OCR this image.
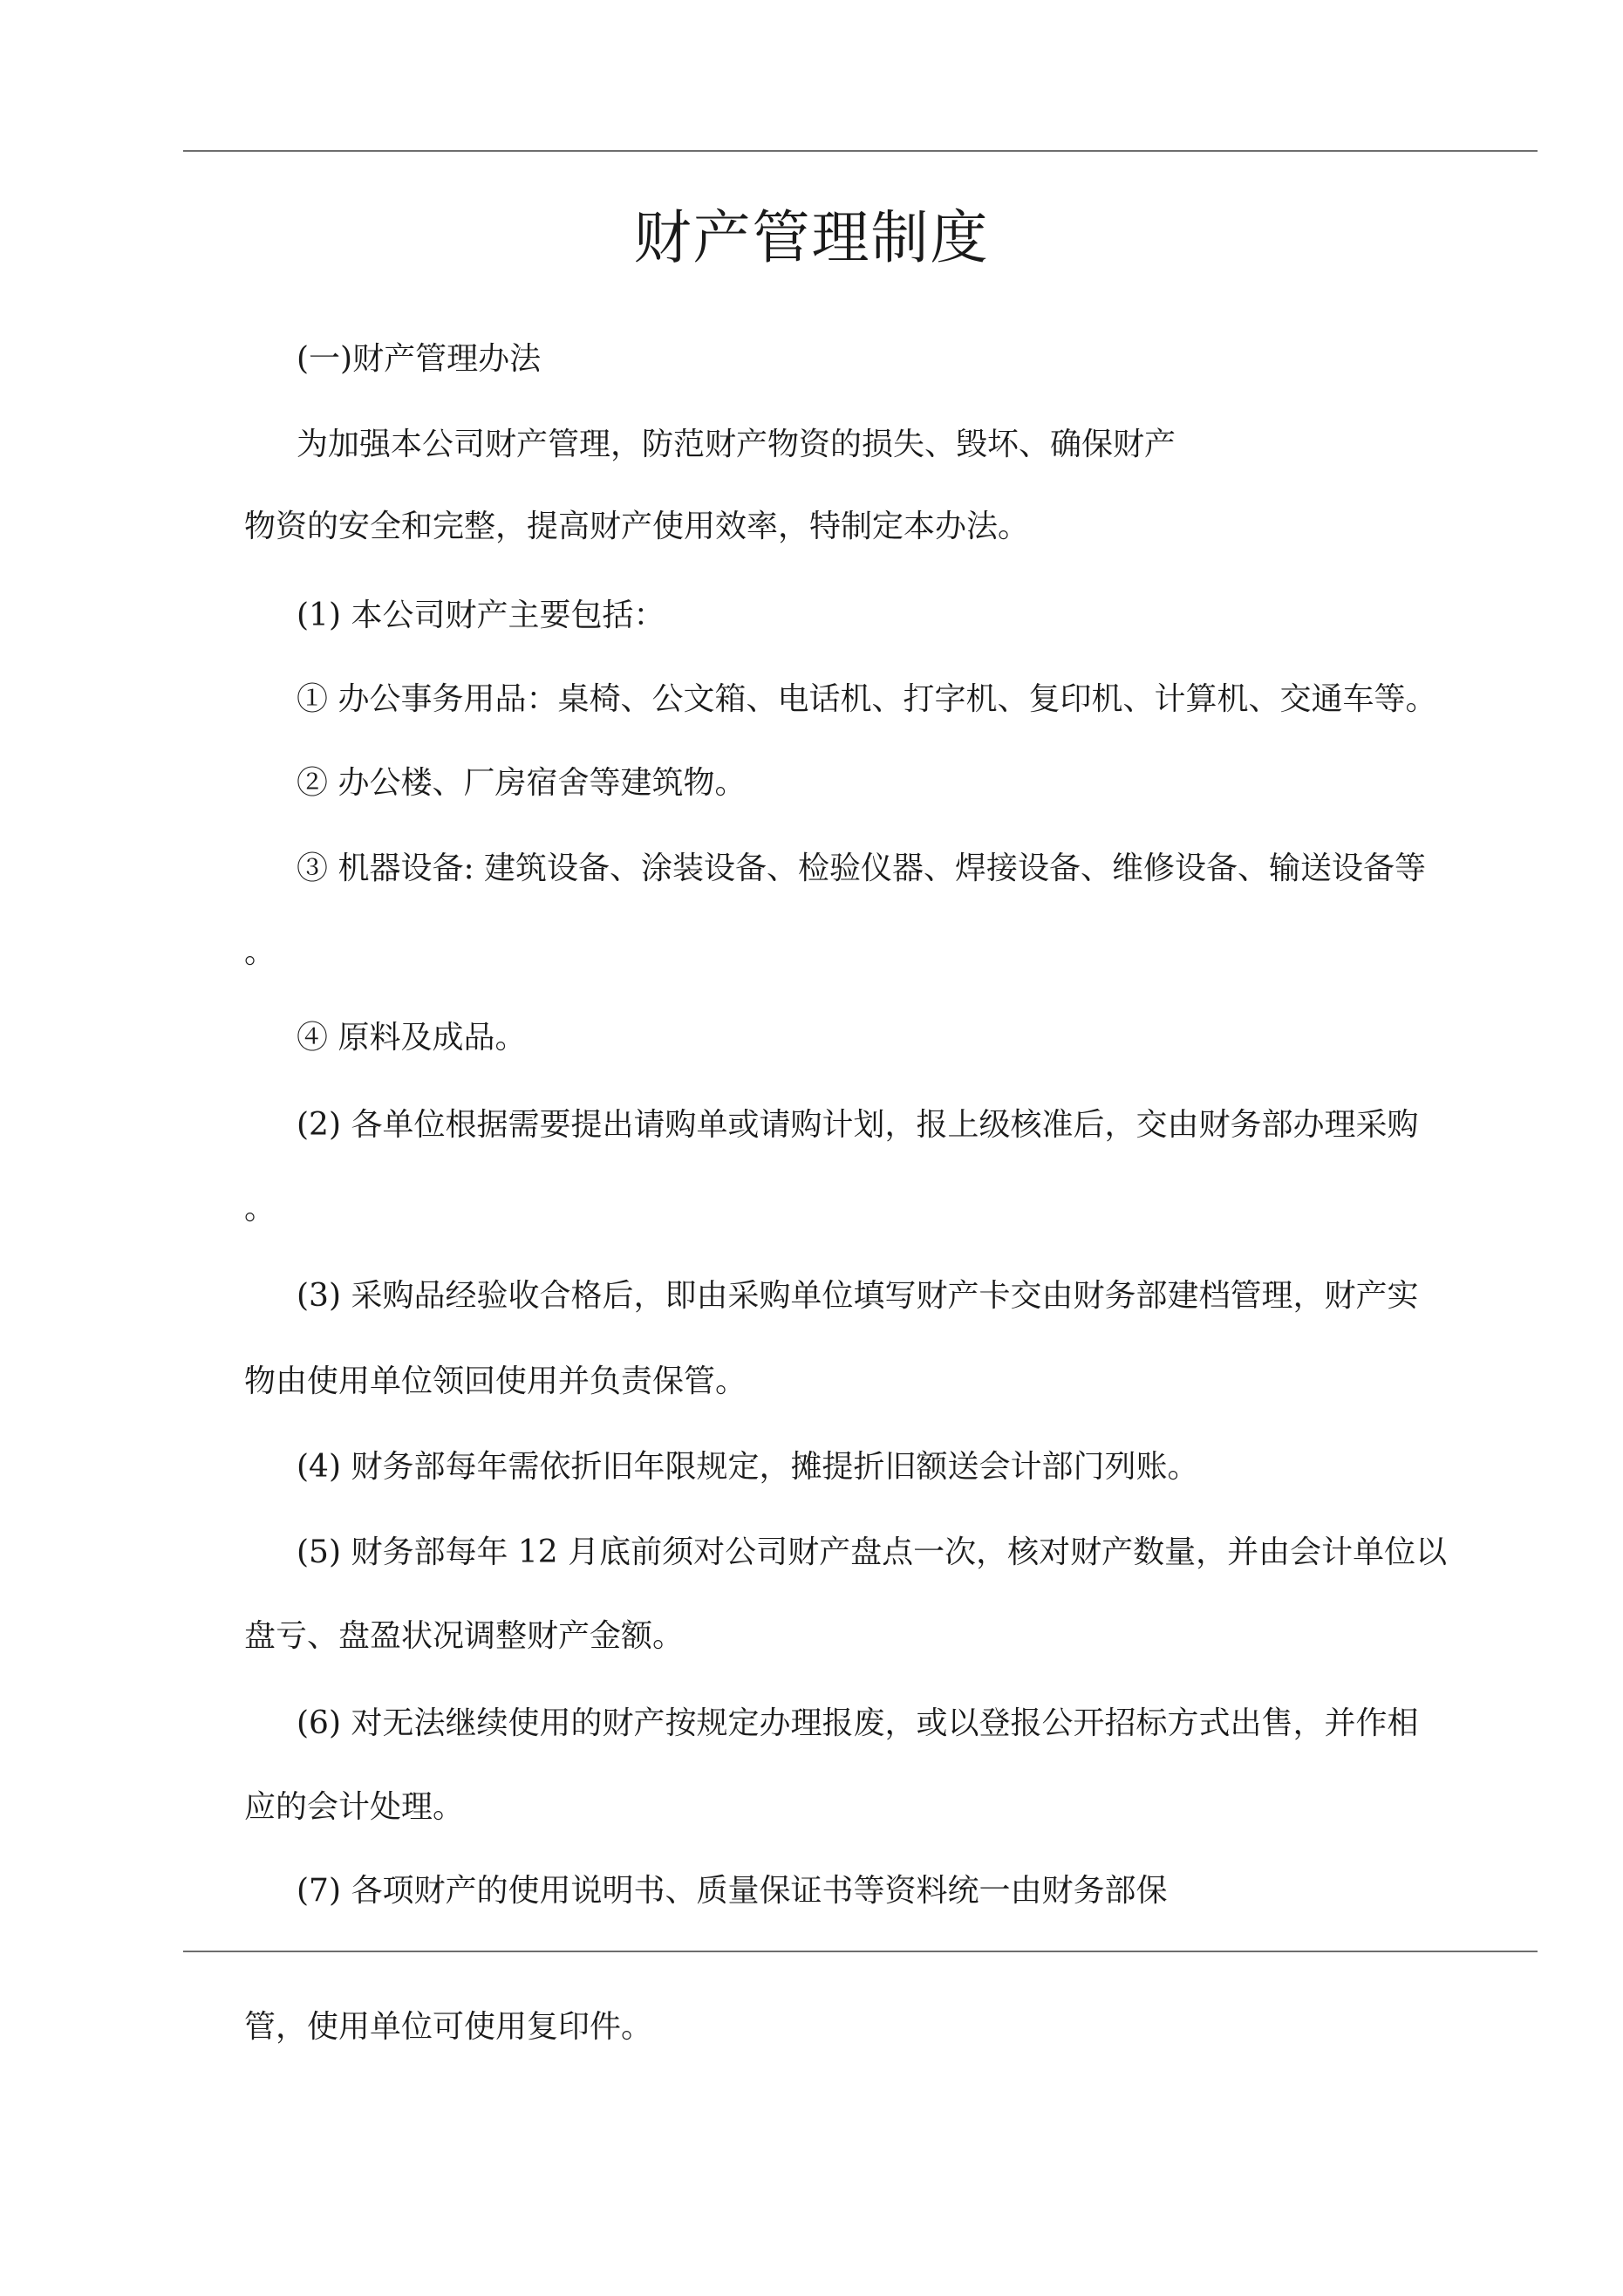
财产管理制度

(一)财产管理办法

为加强本公司财产管理，防范财产物资的损失、毁坏、确保财产

物资的安全和完整，提高财产使用效率，特制定本办法。

(1) 本公司财产主要包括：

① 办公事务用品：桌椅、公文箱、电话机、打字机、复印机、计算机、交通车等。

② 办公楼、厂房宿舍等建筑物。

③ 机器设备: 建筑设备、涂装设备、检验仪器、焊接设备、维修设备、输送设备等

。

④ 原料及成品。

(2) 各单位根据需要提出请购单或请购计划，报上级核准后，交由财务部办理采购

。

(3) 采购品经验收合格后，即由采购单位填写财产卡交由财务部建档管理，财产实

物由使用单位领回使用并负责保管。

(4) 财务部每年需依折旧年限规定，摊提折旧额送会计部门列账。

(5) 财务部每年 12 月底前须对公司财产盘点一次，核对财产数量，并由会计单位以

盘亏、盘盈状况调整财产金额。

(6) 对无法继续使用的财产按规定办理报废，或以登报公开招标方式出售，并作相

应的会计处理。

(7) 各项财产的使用说明书、质量保证书等资料统一由财务部保

管，使用单位可使用复印件。
